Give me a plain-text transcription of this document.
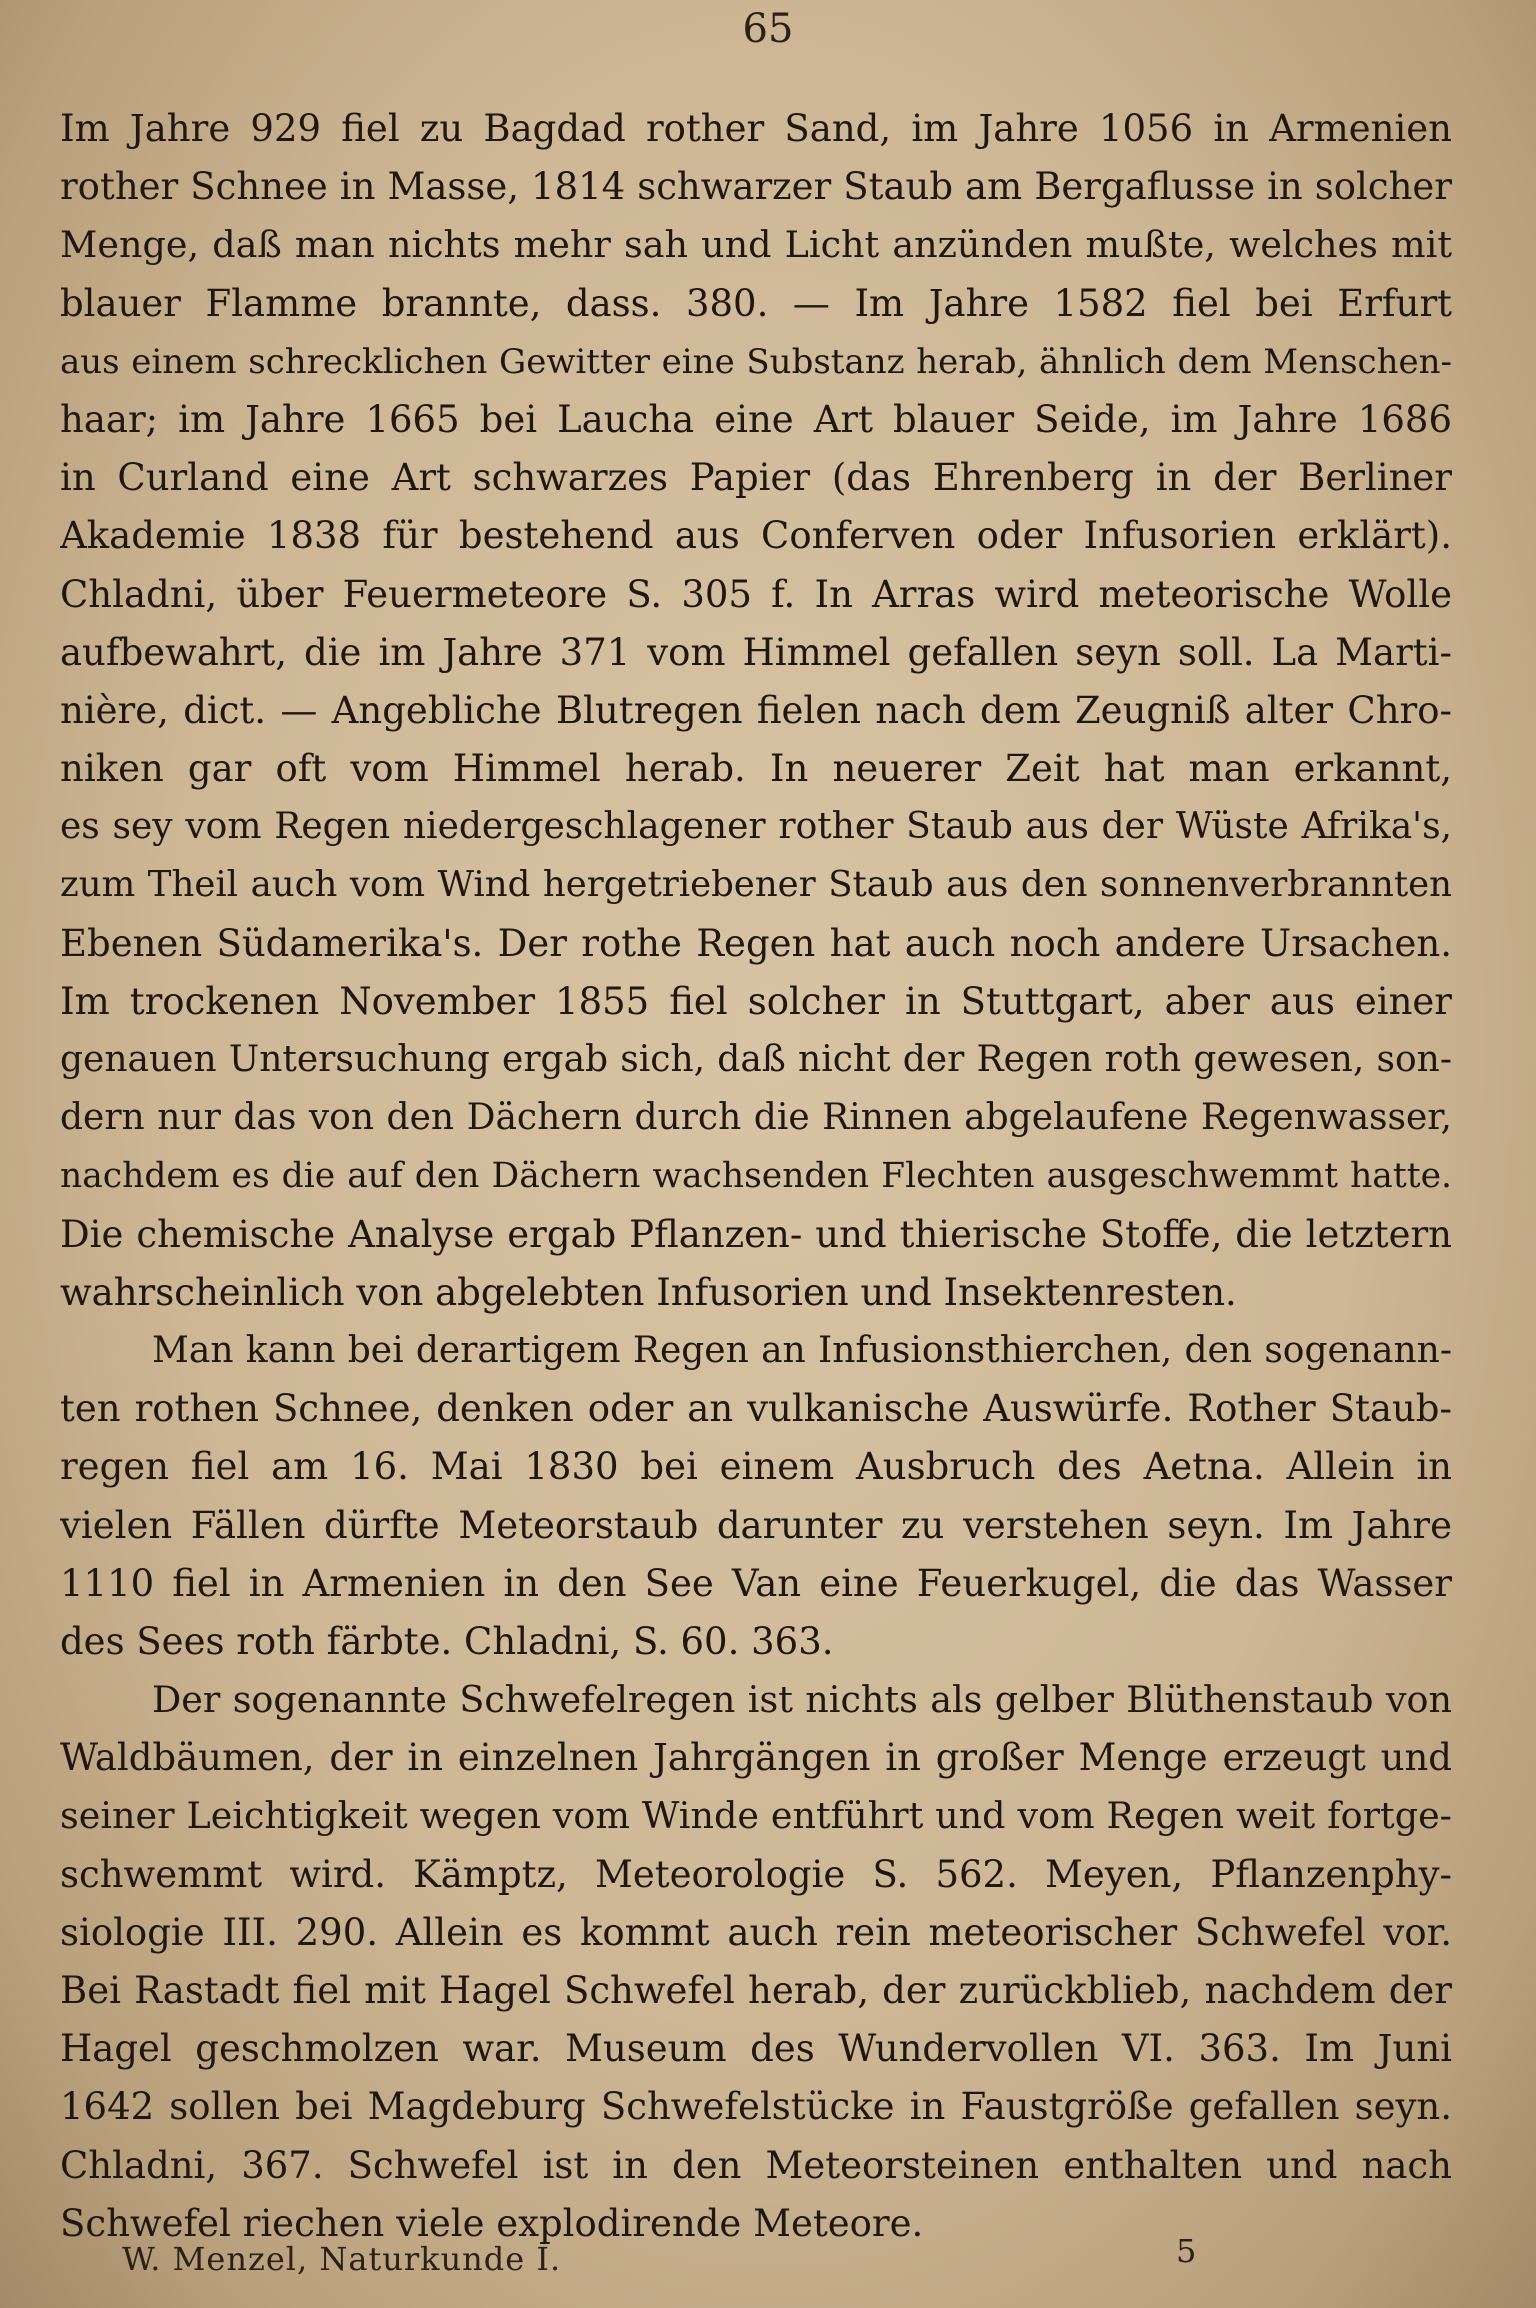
65
Im Jahre 929 fiel zu Bagdad rother Sand, im Jahre 1056 in Armenien
rother Schnee in Masse, 1814 schwarzer Staub am Bergaflusse in solcher
Menge, daß man nichts mehr sah und Licht anzünden mußte, welches mit
blauer Flamme brannte, dass. 380. — Im Jahre 1582 fiel bei Erfurt
aus einem schrecklichen Gewitter eine Substanz herab, ähnlich dem Menschen-
haar; im Jahre 1665 bei Laucha eine Art blauer Seide, im Jahre 1686
in Curland eine Art schwarzes Papier (das Ehrenberg in der Berliner
Akademie 1838 für bestehend aus Conferven oder Infusorien erklärt).
Chladni, über Feuermeteore S. 305 f. In Arras wird meteorische Wolle
aufbewahrt, die im Jahre 371 vom Himmel gefallen seyn soll. La Marti-
nière, dict. — Angebliche Blutregen fielen nach dem Zeugniß alter Chro-
niken gar oft vom Himmel herab. In neuerer Zeit hat man erkannt,
es sey vom Regen niedergeschlagener rother Staub aus der Wüste Afrika's,
zum Theil auch vom Wind hergetriebener Staub aus den sonnenverbrannten
Ebenen Südamerika's. Der rothe Regen hat auch noch andere Ursachen.
Im trockenen November 1855 fiel solcher in Stuttgart, aber aus einer
genauen Untersuchung ergab sich, daß nicht der Regen roth gewesen, son-
dern nur das von den Dächern durch die Rinnen abgelaufene Regenwasser,
nachdem es die auf den Dächern wachsenden Flechten ausgeschwemmt hatte.
Die chemische Analyse ergab Pflanzen- und thierische Stoffe, die letztern
wahrscheinlich von abgelebten Infusorien und Insektenresten.
Man kann bei derartigem Regen an Infusionsthierchen, den sogenann-
ten rothen Schnee, denken oder an vulkanische Auswürfe. Rother Staub-
regen fiel am 16. Mai 1830 bei einem Ausbruch des Aetna. Allein in
vielen Fällen dürfte Meteorstaub darunter zu verstehen seyn. Im Jahre
1110 fiel in Armenien in den See Van eine Feuerkugel, die das Wasser
des Sees roth färbte. Chladni, S. 60. 363.
Der sogenannte Schwefelregen ist nichts als gelber Blüthenstaub von
Waldbäumen, der in einzelnen Jahrgängen in großer Menge erzeugt und
seiner Leichtigkeit wegen vom Winde entführt und vom Regen weit fortge-
schwemmt wird. Kämptz, Meteorologie S. 562. Meyen, Pflanzenphy-
siologie III. 290. Allein es kommt auch rein meteorischer Schwefel vor.
Bei Rastadt fiel mit Hagel Schwefel herab, der zurückblieb, nachdem der
Hagel geschmolzen war. Museum des Wundervollen VI. 363. Im Juni
1642 sollen bei Magdeburg Schwefelstücke in Faustgröße gefallen seyn.
Chladni, 367. Schwefel ist in den Meteorsteinen enthalten und nach
Schwefel riechen viele explodirende Meteore.
W. Menzel, Naturkunde I.	5
